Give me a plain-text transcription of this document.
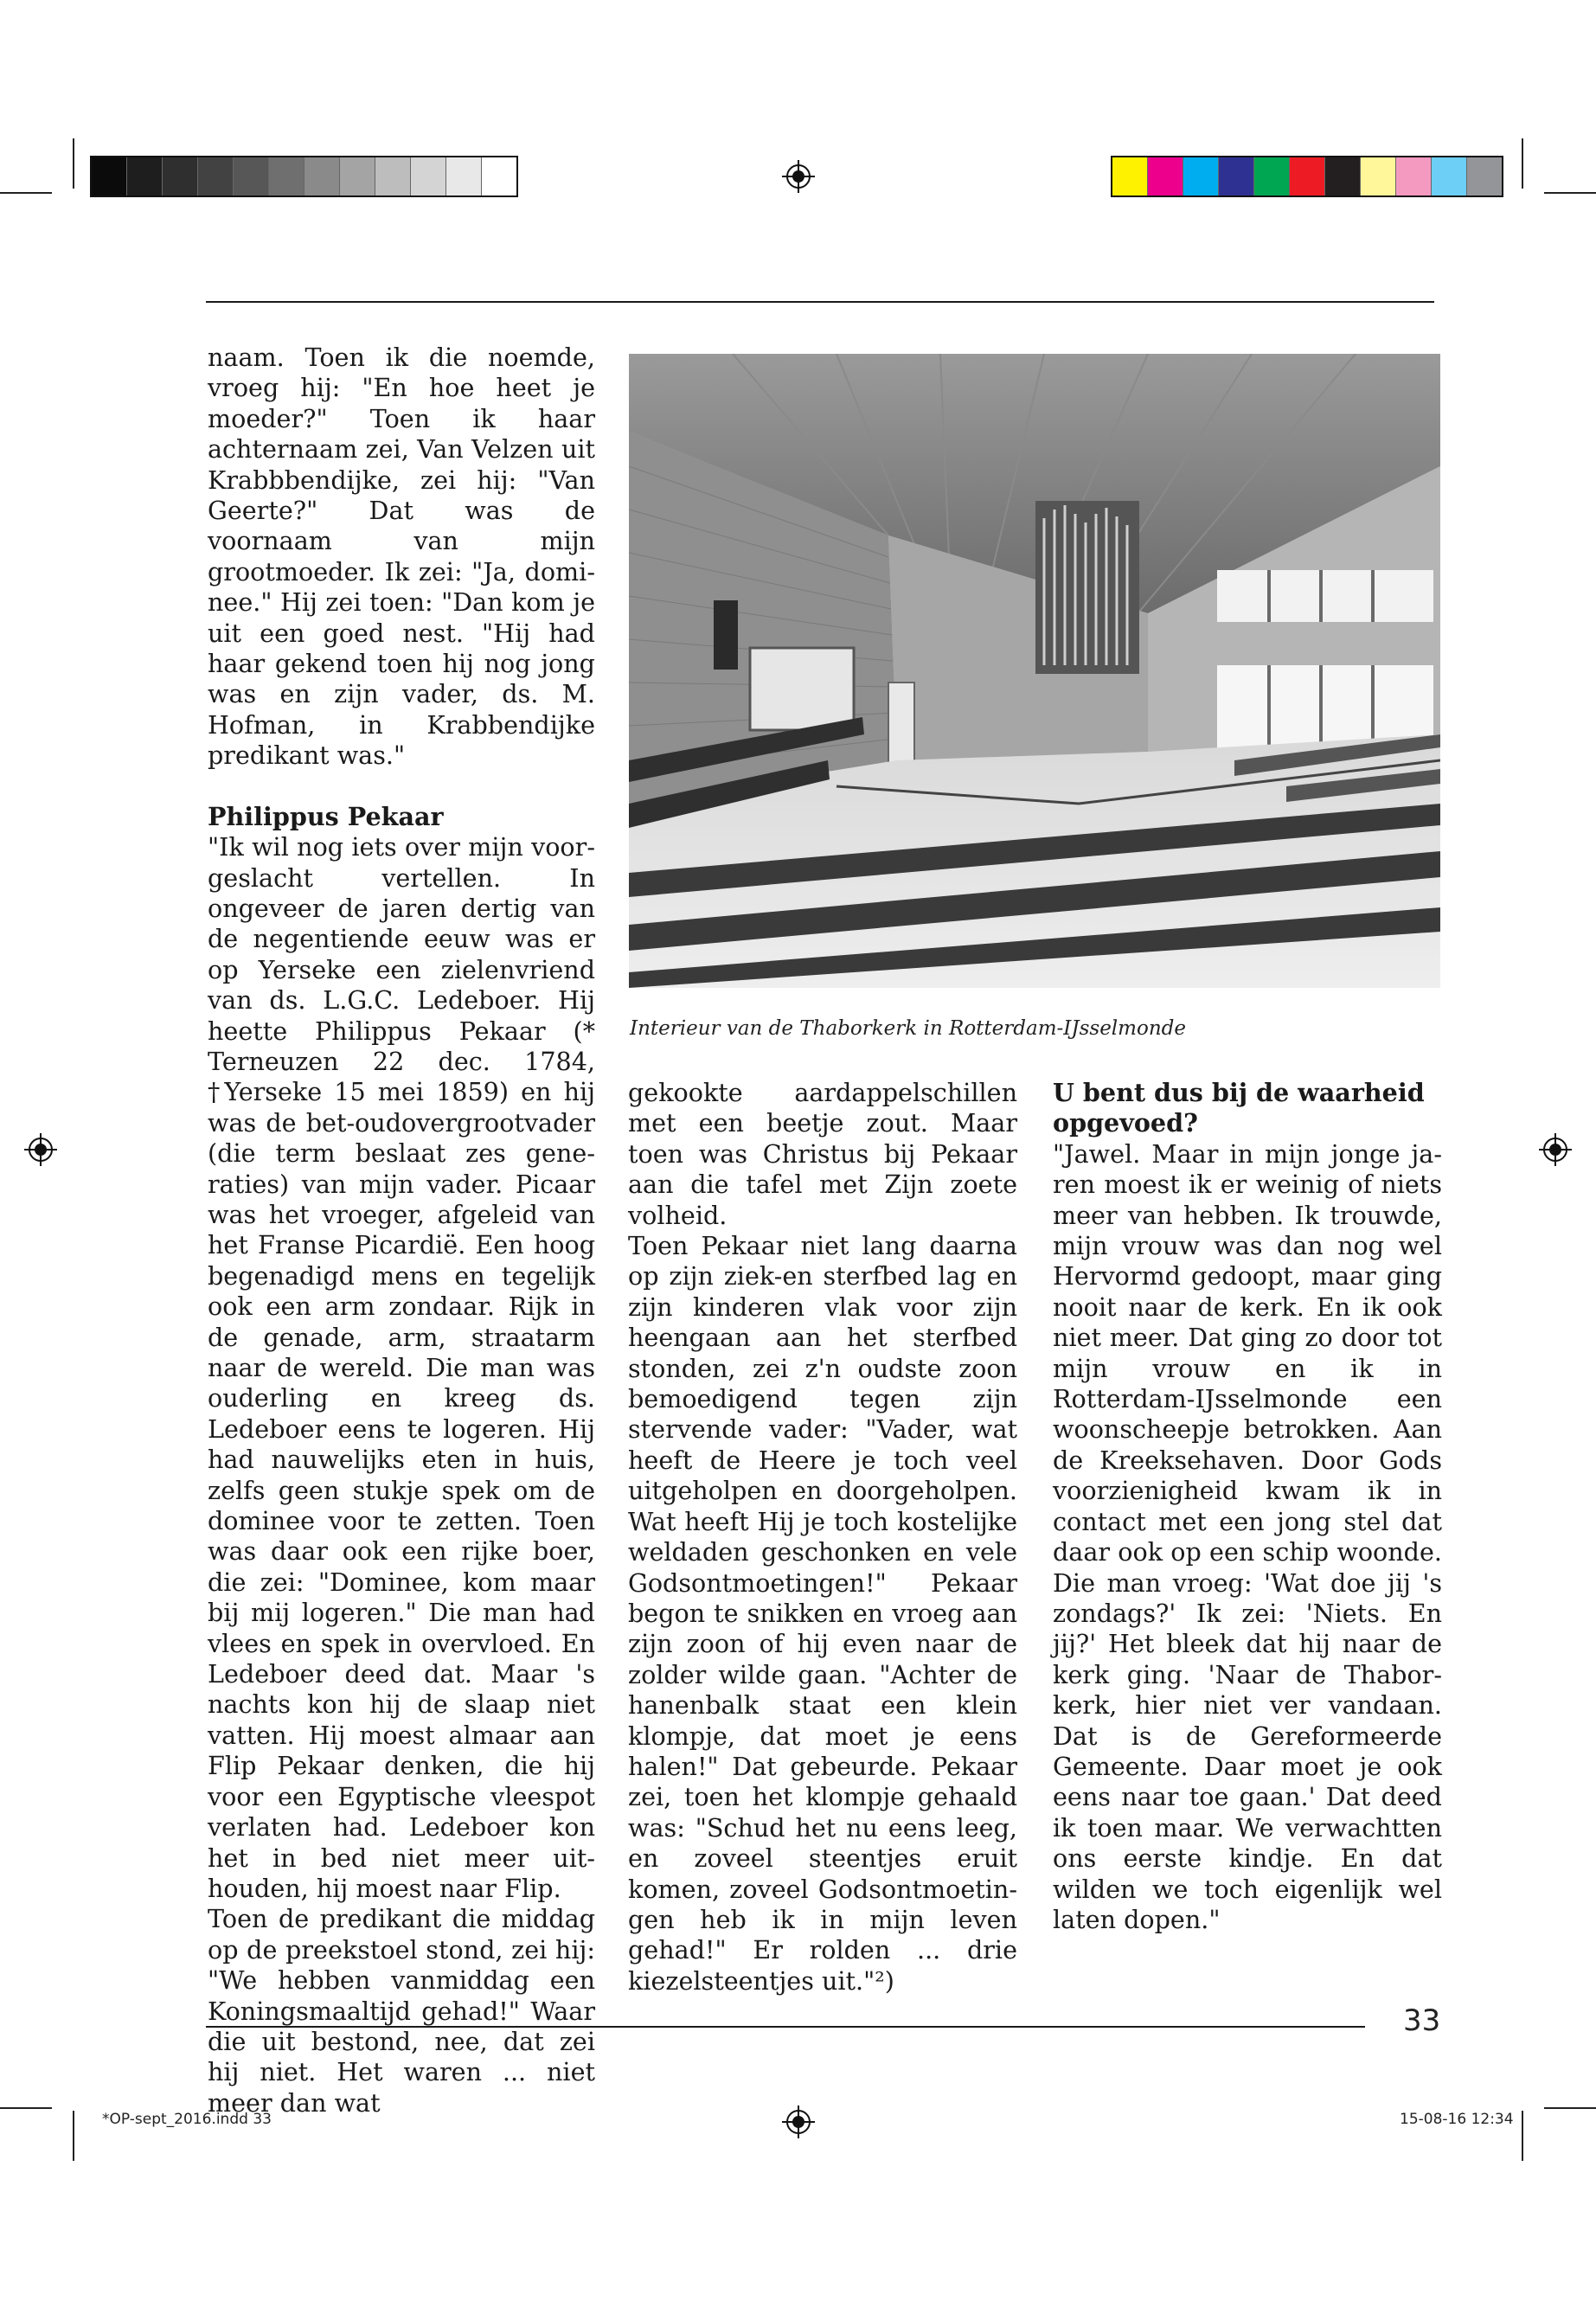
naam. Toen ik die noemde, vroeg hij: "En hoe heet je moeder?" Toen ik haar achternaam zei, Van Velzen uit Krabbbendijke, zei hij: "Van Geerte?" Dat was de voornaam van mijn grootmoeder. Ik zei: "Ja, dominee." Hij zei toen: "Dan kom je uit een goed nest. "Hij had haar gekend toen hij nog jong was en zijn vader, ds. M. Hofman, in Krabbendijke predikant was."

Philippus Pekaar

"Ik wil nog iets over mijn voorgeslacht vertellen. In ongeveer de jaren dertig van de negentiende eeuw was er op Yerseke een zielenvriend van ds. L.G.C. Ledeboer. Hij heette Philippus Pekaar (* Terneuzen 22 dec. 1784, †Yerseke 15 mei 1859) en hij was de bet-oudovergrootvader (die term beslaat zes generaties) van mijn vader. Picaar was het vroeger, afgeleid van het Franse Picardië. Een hoog begenadigd mens en tegelijk ook een arm zondaar. Rijk in de genade, arm, straatarm naar de wereld. Die man was ouderling en kreeg ds. Ledeboer eens te logeren. Hij had nauwelijks eten in huis, zelfs geen stukje spek om de dominee voor te zetten. Toen was daar ook een rijke boer, die zei: "Dominee, kom maar bij mij logeren." Die man had vlees en spek in overvloed. En Ledeboer deed dat. Maar 's nachts kon hij de slaap niet vatten. Hij moest almaar aan Flip Pekaar denken, die hij voor een Egyptische vleespot verlaten had. Ledeboer kon het in bed niet meer uithouden, hij moest naar Flip.

Toen de predikant die middag op de preekstoel stond, zei hij: "We hebben vanmiddag een Koningsmaaltijd gehad!" Waar die uit bestond, nee, dat zei hij niet. Het waren ... niet meer dan wat

Interieur van de Thaborkerk in Rotterdam-IJsselmonde

gekookte aardappelschillen met een beetje zout. Maar toen was Christus bij Pekaar aan die tafel met Zijn zoete volheid.

Toen Pekaar niet lang daarna op zijn ziek-en sterfbed lag en zijn kinderen vlak voor zijn heengaan aan het sterfbed stonden, zei z'n oudste zoon bemoedigend tegen zijn stervende vader: "Vader, wat heeft de Heere je toch veel uitgeholpen en doorgeholpen. Wat heeft Hij je toch kostelijke weldaden geschonken en vele Godsontmoetingen!" Pekaar begon te snikken en vroeg aan zijn zoon of hij even naar de zolder wilde gaan. "Achter de hanenbalk staat een klein klompje, dat moet je eens halen!" Dat gebeurde. Pekaar zei, toen het klompje gehaald was: "Schud het nu eens leeg, en zoveel steentjes eruit komen, zoveel Godsontmoetingen heb ik in mijn leven gehad!" Er rolden ... drie kiezelsteentjes uit."²)

U bent dus bij de waarheid opgevoed?

"Jawel. Maar in mijn jonge jaren moest ik er weinig of niets meer van hebben. Ik trouwde, mijn vrouw was dan nog wel Hervormd gedoopt, maar ging nooit naar de kerk. En ik ook niet meer. Dat ging zo door tot mijn vrouw en ik in Rotterdam-IJsselmonde een woonscheepje betrokken. Aan de Kreeksehaven. Door Gods voorzienigheid kwam ik in contact met een jong stel dat daar ook op een schip woonde. Die man vroeg: 'Wat doe jij 's zondags?' Ik zei: 'Niets. En jij?' Het bleek dat hij naar de kerk ging. 'Naar de Thaborkerk, hier niet ver vandaan. Dat is de Gereformeerde Gemeente. Daar moet je ook eens naar toe gaan.' Dat deed ik toen maar. We verwachtten ons eerste kindje. En dat wilden we toch eigenlijk wel laten dopen."

33
*OP-sept_2016.indd 33	15-08-16 12:34
